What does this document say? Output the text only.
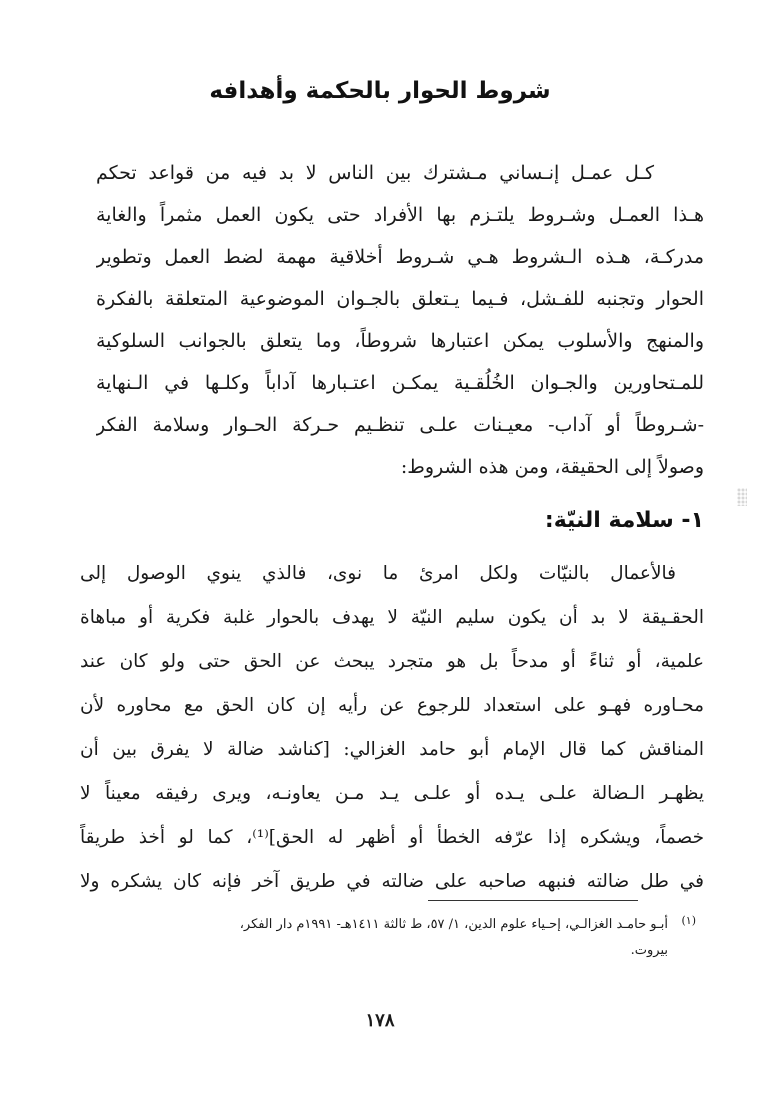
شروط الحوار بالحكمة وأهدافه
كـل عمـل إنـساني مـشترك بين الناس لا بد فيه من قواعد تحكم
هـذا العمـل وشـروط يلتـزم بها الأفراد حتى يكون العمل مثمراً والغاية
مدركـة، هـذه الـشروط هـي شـروط أخلاقية مهمة لضط العمل وتطوير
الحوار وتجنبه للفـشل، فـيما يـتعلق بالجـوان الموضوعية المتعلقة بالفكرة
والمنهج والأسلوب يمكن اعتبارها شروطاً، وما يتعلق بالجوانب السلوكية
للمـتحاورين والجـوان الخُلُقـية يمكـن اعتـبارها آداباً وكلـها في الـنهاية
-شـروطاً أو آداب- معيـنات علـى تنظـيم حـركة الحـوار وسلامة الفكر
وصولاً إلى الحقيقة، ومن هذه الشروط:
١- سلامة النيّة:
فالأعمال بالنيّات ولكل امرئ ما نوى، فالذي ينوي الوصول إلى
الحقـيقة لا بد أن يكون سليم النيّة لا يهدف بالحوار غلبة فكرية أو مباهاة
علمية، أو ثناءً أو مدحاً بل هو متجرد يبحث عن الحق حتى ولو كان عند
محـاوره فهـو على استعداد للرجوع عن رأيه إن كان الحق مع محاوره لأن
المناقش كما قال الإمام أبو حامد الغزالي: [كناشد ضالة لا يفرق بين أن
يظهـر الـضالة علـى يـده أو علـى يـد مـن يعاونـه، ويرى رفيقه معيناً لا
خصماً، ويشكره إذا عرّفه الخطأ أو أظهر له الحق]⁽¹⁾، كما لو أخذ طريقاً
في طل ضالته فنبهه صاحبه على ضالته في طريق آخر فإنه كان يشكره ولا
(١)
أبـو حامـد الغزالـي، إحـياء علوم الدين، ١/ ٥٧، ط ثالثة ١٤١١هـ- ١٩٩١م دار الفكر،
بيروت.
١٧٨
